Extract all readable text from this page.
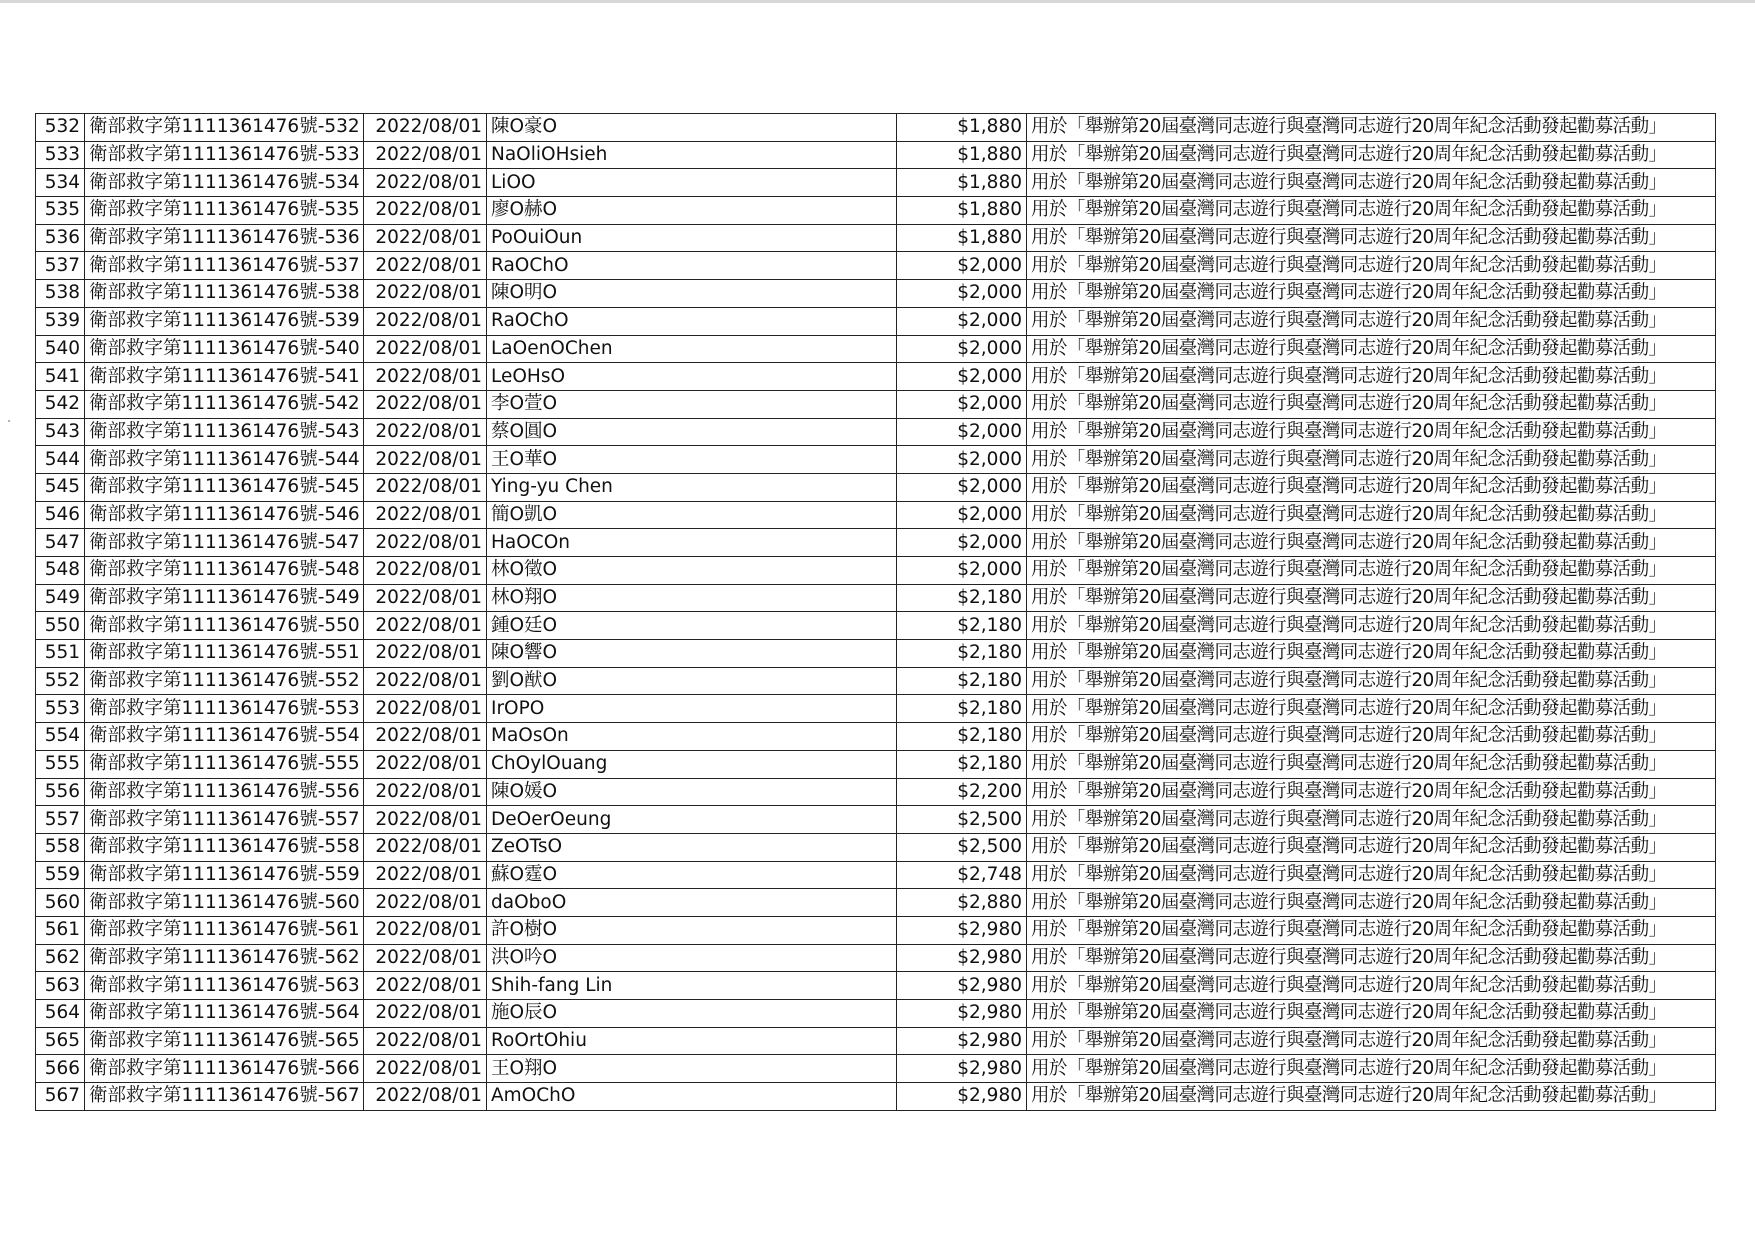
532	衛部救字第1111361476號-532	2022/08/01	陳O豪O	$1,880	用於「舉辦第20屆臺灣同志遊行與臺灣同志遊行20周年紀念活動發起勸募活動」
533	衛部救字第1111361476號-533	2022/08/01	NaOliOHsieh	$1,880	用於「舉辦第20屆臺灣同志遊行與臺灣同志遊行20周年紀念活動發起勸募活動」
534	衛部救字第1111361476號-534	2022/08/01	LiOO	$1,880	用於「舉辦第20屆臺灣同志遊行與臺灣同志遊行20周年紀念活動發起勸募活動」
535	衛部救字第1111361476號-535	2022/08/01	廖O赫O	$1,880	用於「舉辦第20屆臺灣同志遊行與臺灣同志遊行20周年紀念活動發起勸募活動」
536	衛部救字第1111361476號-536	2022/08/01	PoOuiOun	$1,880	用於「舉辦第20屆臺灣同志遊行與臺灣同志遊行20周年紀念活動發起勸募活動」
537	衛部救字第1111361476號-537	2022/08/01	RaOChO	$2,000	用於「舉辦第20屆臺灣同志遊行與臺灣同志遊行20周年紀念活動發起勸募活動」
538	衛部救字第1111361476號-538	2022/08/01	陳O明O	$2,000	用於「舉辦第20屆臺灣同志遊行與臺灣同志遊行20周年紀念活動發起勸募活動」
539	衛部救字第1111361476號-539	2022/08/01	RaOChO	$2,000	用於「舉辦第20屆臺灣同志遊行與臺灣同志遊行20周年紀念活動發起勸募活動」
540	衛部救字第1111361476號-540	2022/08/01	LaOenOChen	$2,000	用於「舉辦第20屆臺灣同志遊行與臺灣同志遊行20周年紀念活動發起勸募活動」
541	衛部救字第1111361476號-541	2022/08/01	LeOHsO	$2,000	用於「舉辦第20屆臺灣同志遊行與臺灣同志遊行20周年紀念活動發起勸募活動」
542	衛部救字第1111361476號-542	2022/08/01	李O萱O	$2,000	用於「舉辦第20屆臺灣同志遊行與臺灣同志遊行20周年紀念活動發起勸募活動」
543	衛部救字第1111361476號-543	2022/08/01	蔡O圓O	$2,000	用於「舉辦第20屆臺灣同志遊行與臺灣同志遊行20周年紀念活動發起勸募活動」
544	衛部救字第1111361476號-544	2022/08/01	王O華O	$2,000	用於「舉辦第20屆臺灣同志遊行與臺灣同志遊行20周年紀念活動發起勸募活動」
545	衛部救字第1111361476號-545	2022/08/01	Ying-yu Chen	$2,000	用於「舉辦第20屆臺灣同志遊行與臺灣同志遊行20周年紀念活動發起勸募活動」
546	衛部救字第1111361476號-546	2022/08/01	簡O凱O	$2,000	用於「舉辦第20屆臺灣同志遊行與臺灣同志遊行20周年紀念活動發起勸募活動」
547	衛部救字第1111361476號-547	2022/08/01	HaOCOn	$2,000	用於「舉辦第20屆臺灣同志遊行與臺灣同志遊行20周年紀念活動發起勸募活動」
548	衛部救字第1111361476號-548	2022/08/01	林O徵O	$2,000	用於「舉辦第20屆臺灣同志遊行與臺灣同志遊行20周年紀念活動發起勸募活動」
549	衛部救字第1111361476號-549	2022/08/01	林O翔O	$2,180	用於「舉辦第20屆臺灣同志遊行與臺灣同志遊行20周年紀念活動發起勸募活動」
550	衛部救字第1111361476號-550	2022/08/01	鍾O廷O	$2,180	用於「舉辦第20屆臺灣同志遊行與臺灣同志遊行20周年紀念活動發起勸募活動」
551	衛部救字第1111361476號-551	2022/08/01	陳O響O	$2,180	用於「舉辦第20屆臺灣同志遊行與臺灣同志遊行20周年紀念活動發起勸募活動」
552	衛部救字第1111361476號-552	2022/08/01	劉O猷O	$2,180	用於「舉辦第20屆臺灣同志遊行與臺灣同志遊行20周年紀念活動發起勸募活動」
553	衛部救字第1111361476號-553	2022/08/01	IrOPO	$2,180	用於「舉辦第20屆臺灣同志遊行與臺灣同志遊行20周年紀念活動發起勸募活動」
554	衛部救字第1111361476號-554	2022/08/01	MaOsOn	$2,180	用於「舉辦第20屆臺灣同志遊行與臺灣同志遊行20周年紀念活動發起勸募活動」
555	衛部救字第1111361476號-555	2022/08/01	ChOylOuang	$2,180	用於「舉辦第20屆臺灣同志遊行與臺灣同志遊行20周年紀念活動發起勸募活動」
556	衛部救字第1111361476號-556	2022/08/01	陳O媛O	$2,200	用於「舉辦第20屆臺灣同志遊行與臺灣同志遊行20周年紀念活動發起勸募活動」
557	衛部救字第1111361476號-557	2022/08/01	DeOerOeung	$2,500	用於「舉辦第20屆臺灣同志遊行與臺灣同志遊行20周年紀念活動發起勸募活動」
558	衛部救字第1111361476號-558	2022/08/01	ZeOTsO	$2,500	用於「舉辦第20屆臺灣同志遊行與臺灣同志遊行20周年紀念活動發起勸募活動」
559	衛部救字第1111361476號-559	2022/08/01	蘇O霆O	$2,748	用於「舉辦第20屆臺灣同志遊行與臺灣同志遊行20周年紀念活動發起勸募活動」
560	衛部救字第1111361476號-560	2022/08/01	daOboO	$2,880	用於「舉辦第20屆臺灣同志遊行與臺灣同志遊行20周年紀念活動發起勸募活動」
561	衛部救字第1111361476號-561	2022/08/01	許O樹O	$2,980	用於「舉辦第20屆臺灣同志遊行與臺灣同志遊行20周年紀念活動發起勸募活動」
562	衛部救字第1111361476號-562	2022/08/01	洪O吟O	$2,980	用於「舉辦第20屆臺灣同志遊行與臺灣同志遊行20周年紀念活動發起勸募活動」
563	衛部救字第1111361476號-563	2022/08/01	Shih-fang Lin	$2,980	用於「舉辦第20屆臺灣同志遊行與臺灣同志遊行20周年紀念活動發起勸募活動」
564	衛部救字第1111361476號-564	2022/08/01	施O辰O	$2,980	用於「舉辦第20屆臺灣同志遊行與臺灣同志遊行20周年紀念活動發起勸募活動」
565	衛部救字第1111361476號-565	2022/08/01	RoOrtOhiu	$2,980	用於「舉辦第20屆臺灣同志遊行與臺灣同志遊行20周年紀念活動發起勸募活動」
566	衛部救字第1111361476號-566	2022/08/01	王O翔O	$2,980	用於「舉辦第20屆臺灣同志遊行與臺灣同志遊行20周年紀念活動發起勸募活動」
567	衛部救字第1111361476號-567	2022/08/01	AmOChO	$2,980	用於「舉辦第20屆臺灣同志遊行與臺灣同志遊行20周年紀念活動發起勸募活動」
